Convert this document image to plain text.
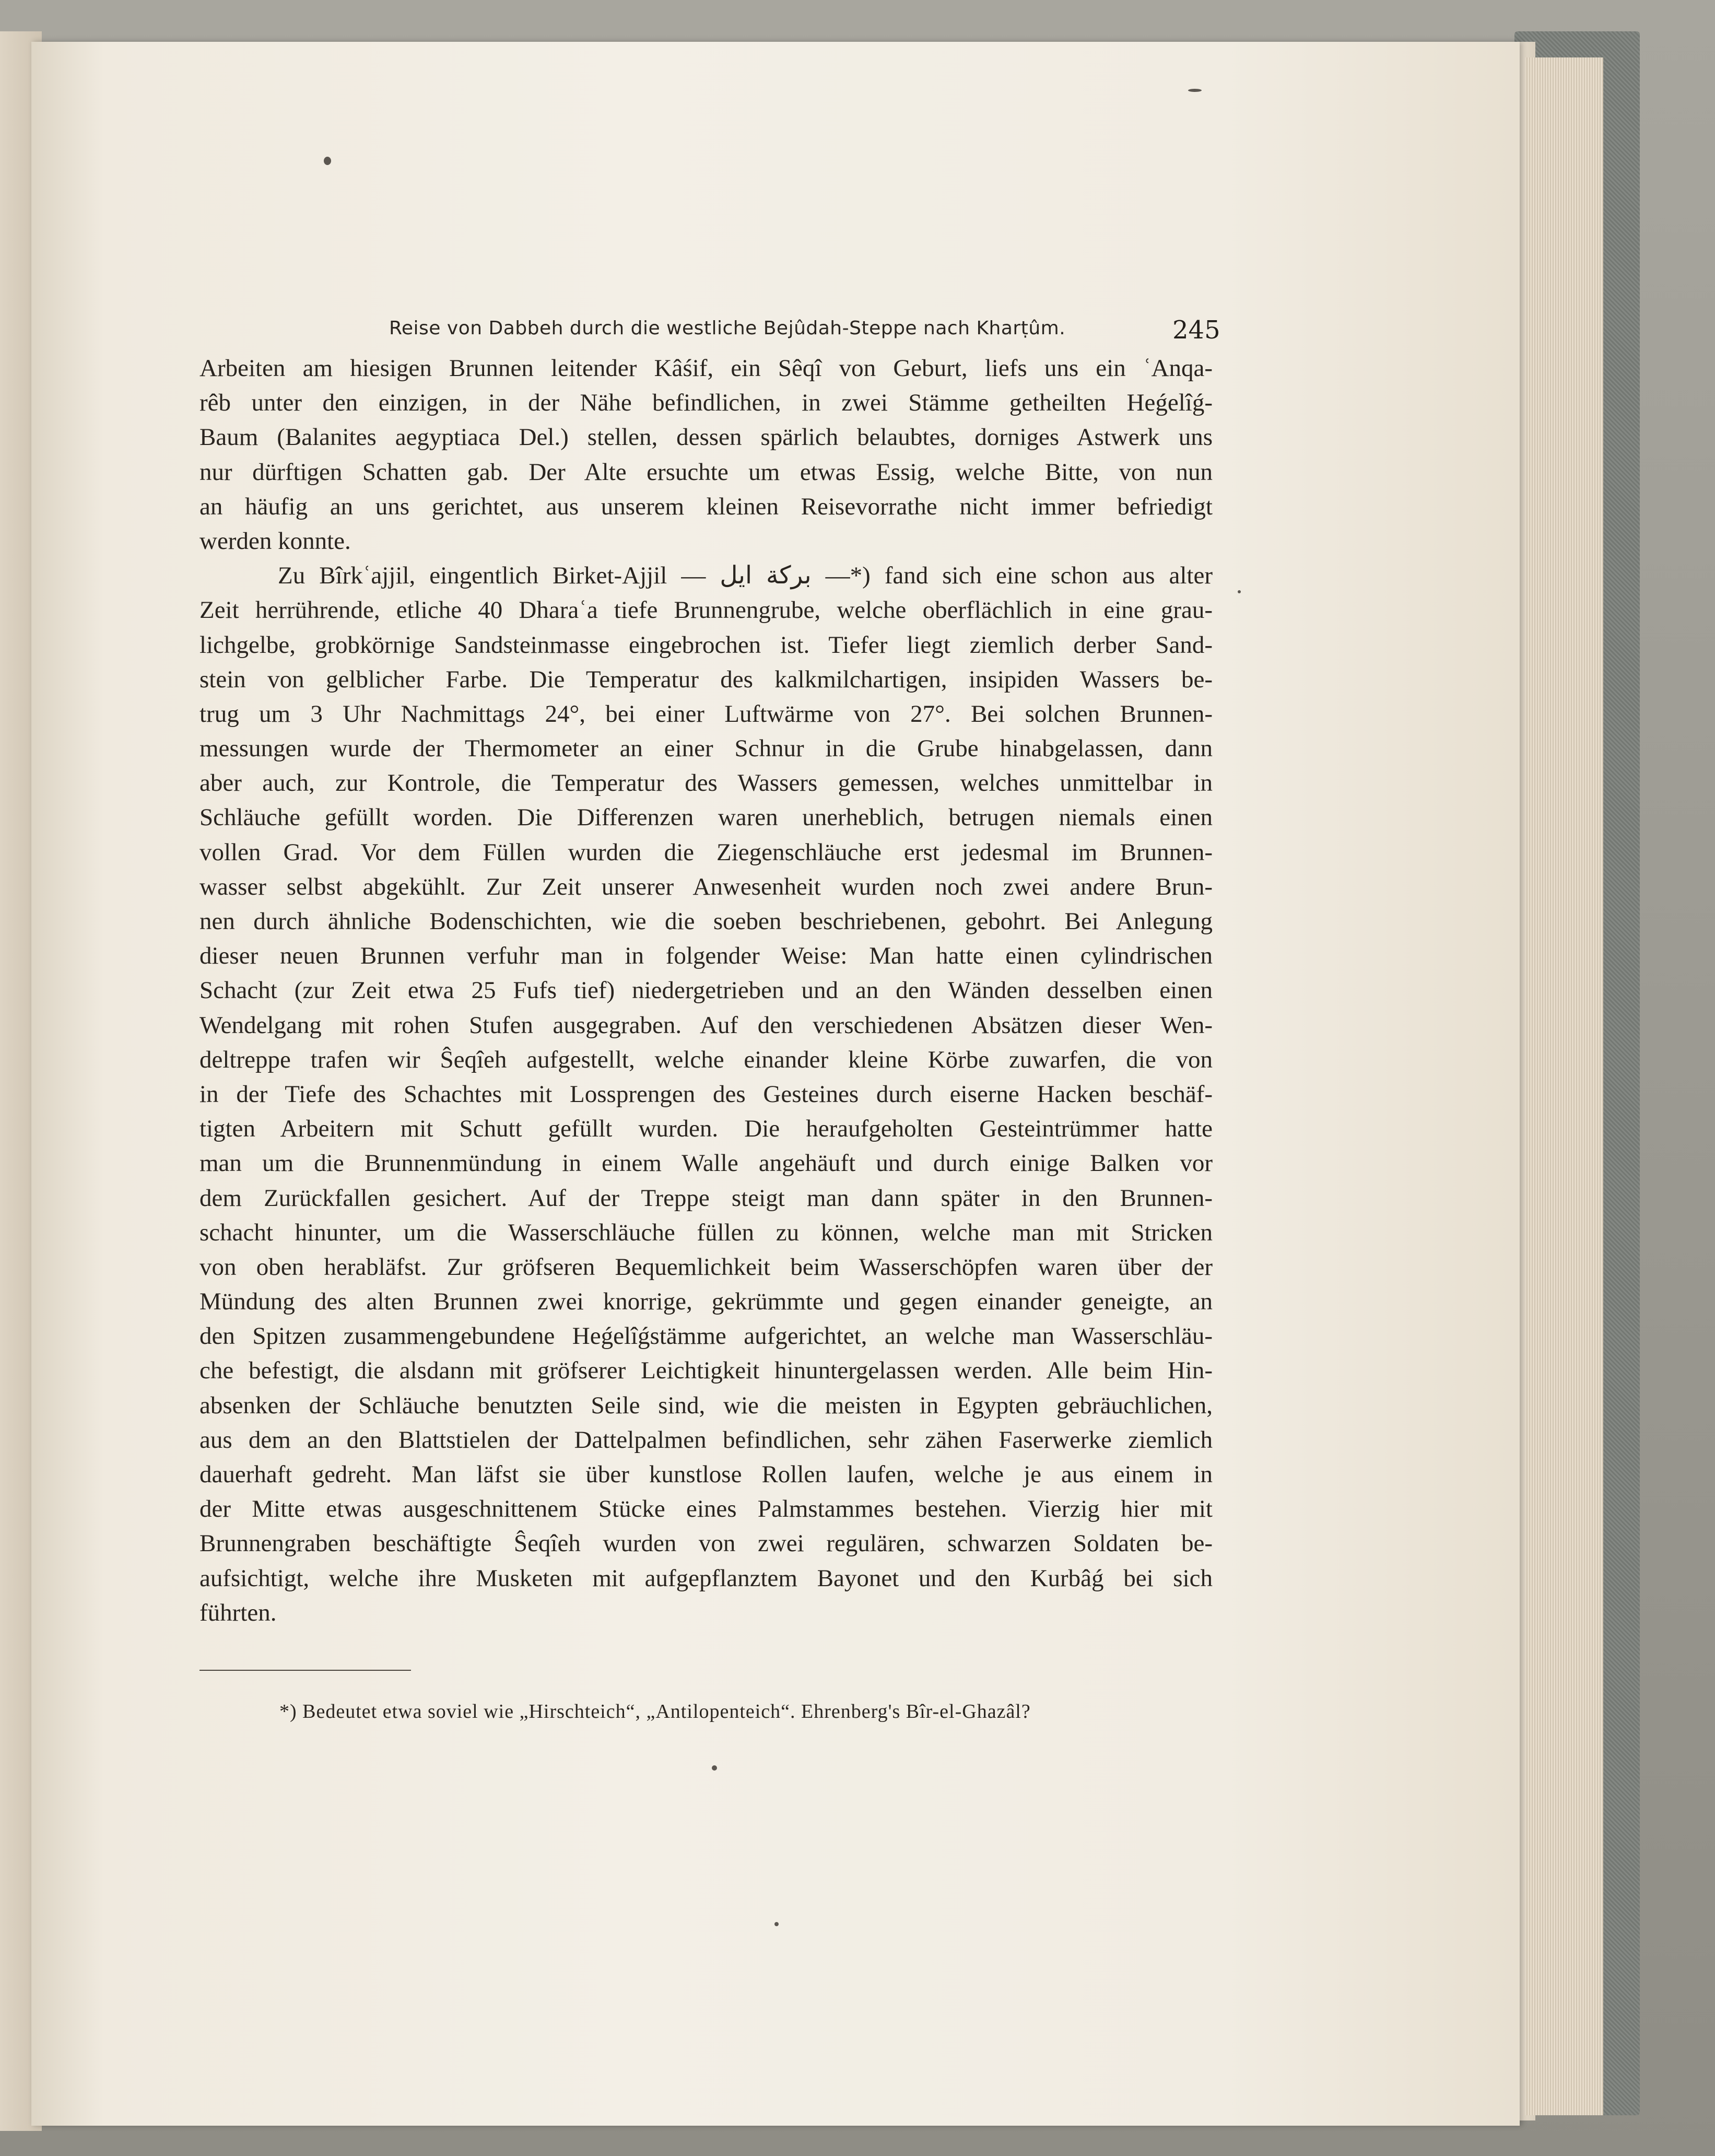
Reise von Dabbeh durch die westliche Bejûdah-Steppe nach Kharṭûm.	245
Arbeiten am hiesigen Brunnen leitender Kâśif, ein Sêqî von Geburt, liefs uns ein ʿAnqa-
rêb unter den einzigen, in der Nähe befindlichen, in zwei Stämme getheilten Heǵelîǵ-
Baum (Balanites aegyptiaca Del.) stellen, dessen spärlich belaubtes, dorniges Astwerk uns
nur dürftigen Schatten gab. Der Alte ersuchte um etwas Essig, welche Bitte, von nun
an häufig an uns gerichtet, aus unserem kleinen Reisevorrathe nicht immer befriedigt
werden konnte.
Zu Bîrkʿajjil, eingentlich Birket-Ajjil — بركة ايل —*) fand sich eine schon aus alter
Zeit herrührende, etliche 40 Dharaʿa tiefe Brunnengrube, welche oberflächlich in eine grau-
lichgelbe, grobkörnige Sandsteinmasse eingebrochen ist. Tiefer liegt ziemlich derber Sand-
stein von gelblicher Farbe. Die Temperatur des kalkmilchartigen, insipiden Wassers be-
trug um 3 Uhr Nachmittags 24°, bei einer Luftwärme von 27°. Bei solchen Brunnen-
messungen wurde der Thermometer an einer Schnur in die Grube hinabgelassen, dann
aber auch, zur Kontrole, die Temperatur des Wassers gemessen, welches unmittelbar in
Schläuche gefüllt worden. Die Differenzen waren unerheblich, betrugen niemals einen
vollen Grad. Vor dem Füllen wurden die Ziegenschläuche erst jedesmal im Brunnen-
wasser selbst abgekühlt. Zur Zeit unserer Anwesenheit wurden noch zwei andere Brun-
nen durch ähnliche Bodenschichten, wie die soeben beschriebenen, gebohrt. Bei Anlegung
dieser neuen Brunnen verfuhr man in folgender Weise: Man hatte einen cylindrischen
Schacht (zur Zeit etwa 25 Fufs tief) niedergetrieben und an den Wänden desselben einen
Wendelgang mit rohen Stufen ausgegraben. Auf den verschiedenen Absätzen dieser Wen-
deltreppe trafen wir Ŝeqîeh aufgestellt, welche einander kleine Körbe zuwarfen, die von
in der Tiefe des Schachtes mit Lossprengen des Gesteines durch eiserne Hacken beschäf-
tigten Arbeitern mit Schutt gefüllt wurden. Die heraufgeholten Gesteintrümmer hatte
man um die Brunnenmündung in einem Walle angehäuft und durch einige Balken vor
dem Zurückfallen gesichert. Auf der Treppe steigt man dann später in den Brunnen-
schacht hinunter, um die Wasserschläuche füllen zu können, welche man mit Stricken
von oben herabläfst. Zur gröfseren Bequemlichkeit beim Wasserschöpfen waren über der
Mündung des alten Brunnen zwei knorrige, gekrümmte und gegen einander geneigte, an
den Spitzen zusammengebundene Heǵelîǵstämme aufgerichtet, an welche man Wasserschläu-
che befestigt, die alsdann mit gröfserer Leichtigkeit hinuntergelassen werden. Alle beim Hin-
absenken der Schläuche benutzten Seile sind, wie die meisten in Egypten gebräuchlichen,
aus dem an den Blattstielen der Dattelpalmen befindlichen, sehr zähen Faserwerke ziemlich
dauerhaft gedreht. Man läfst sie über kunstlose Rollen laufen, welche je aus einem in
der Mitte etwas ausgeschnittenem Stücke eines Palmstammes bestehen. Vierzig hier mit
Brunnengraben beschäftigte Ŝeqîeh wurden von zwei regulären, schwarzen Soldaten be-
aufsichtigt, welche ihre Musketen mit aufgepflanztem Bayonet und den Kurbâǵ bei sich
führten.
*) Bedeutet etwa soviel wie „Hirschteich“, „Antilopenteich“. Ehrenberg's Bîr-el-Ghazâl?
